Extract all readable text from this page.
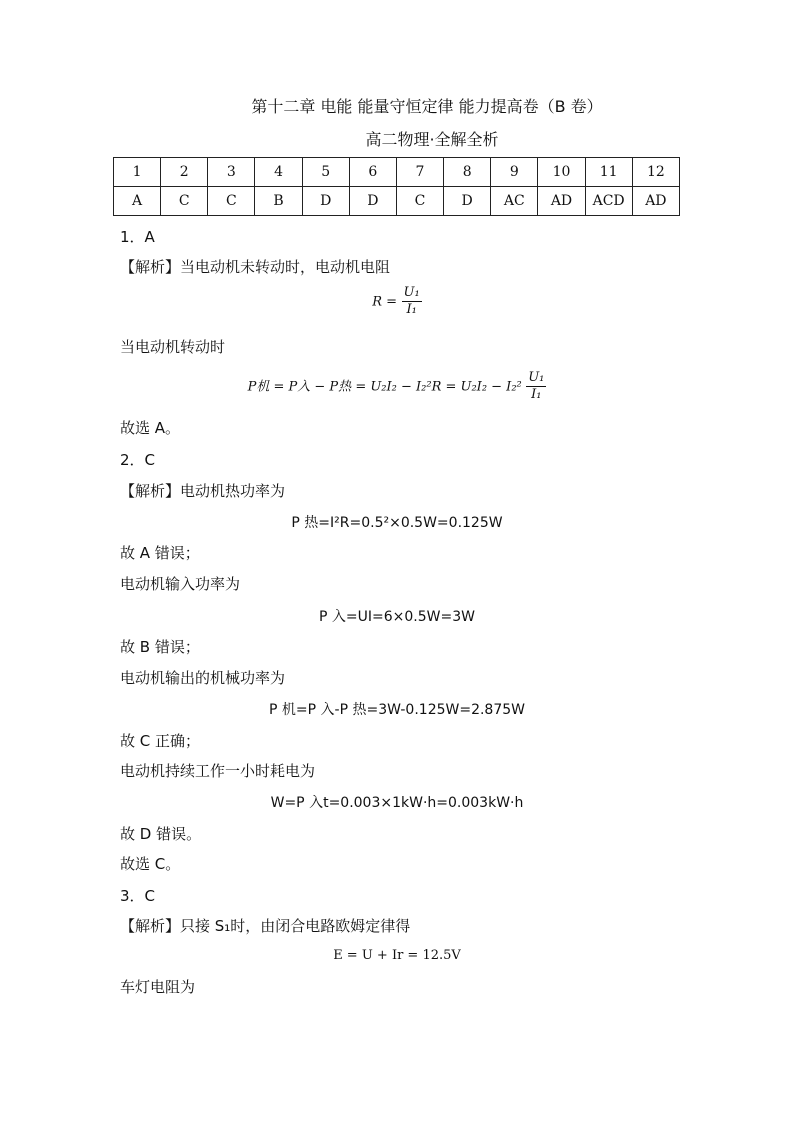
第十二章 电能 能量守恒定律 能力提高卷（B 卷）
高二物理·全解全析
1	2	3	4	5	6	7	8	9	10	11	12
A	C	C	B	D	D	C	D	AC	AD	ACD	AD
1．A
【解析】当电动机未转动时，电动机电阻
$R = \frac{\text{U₁}}{\text{I₁}}$
当电动机转动时
P机 = P入 − P热 = $U_2I_2 - I_2^2R = U_2I_2 - I_2^2 \frac{\text{U₁}}{\text{I₁}}$
故选 A。
2．C
【解析】电动机热功率为
P 热=I²R=0.5²×0.5W=0.125W
故 A 错误；
电动机输入功率为
P 入=UI=6×0.5W=3W
故 B 错误；
电动机输出的机械功率为
P 机=P 入-P 热=3W-0.125W=2.875W
故 C 正确；
电动机持续工作一小时耗电为
W=P 入t=0.003×1kW·h=0.003kW·h
故 D 错误。
故选 C。
3．C
【解析】只接 S₁时，由闭合电路欧姆定律得
E = U + Ir = 12.5V
车灯电阻为
